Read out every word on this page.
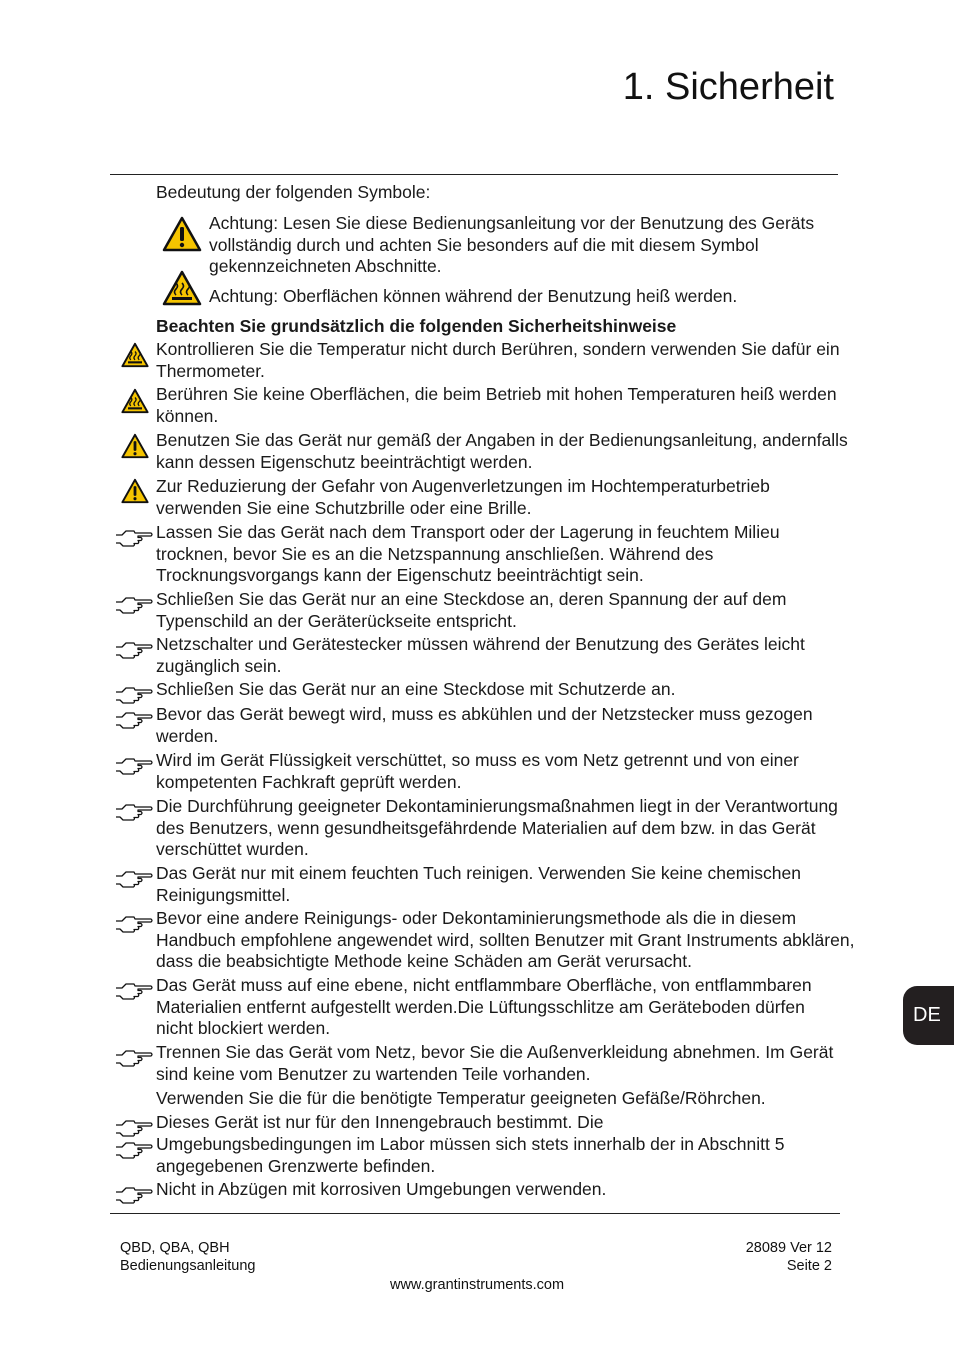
1. Sicherheit
Bedeutung der folgenden Symbole:
Achtung: Lesen Sie diese Bedienungsanleitung vor der Benutzung des Geräts vollständig durch und achten Sie besonders auf die mit diesem Symbol gekennzeichneten Abschnitte.
Achtung: Oberflächen können während der Benutzung heiß werden.
Beachten Sie grundsätzlich die folgenden Sicherheitshinweise
Kontrollieren Sie die Temperatur nicht durch Berühren, sondern verwenden Sie dafür ein Thermometer.
Berühren Sie keine Oberflächen, die beim Betrieb mit hohen Temperaturen heiß werden können.
Benutzen Sie das Gerät nur gemäß der Angaben in der Bedienungsanleitung, andernfalls kann dessen Eigenschutz beeinträchtigt werden.
Zur Reduzierung der Gefahr von Augenverletzungen im Hochtemperaturbetrieb verwenden Sie eine Schutzbrille oder eine Brille.
Lassen Sie das Gerät nach dem Transport oder der Lagerung in feuchtem Milieu trocknen, bevor Sie es an die Netzspannung anschließen. Während des Trocknungsvorgangs kann der Eigenschutz beeinträchtigt sein.
Schließen Sie das Gerät nur an eine Steckdose an, deren Spannung der auf dem Typenschild an der Geräterückseite entspricht.
Netzschalter und Gerätestecker müssen während der Benutzung des Gerätes leicht zugänglich sein.
Schließen Sie das Gerät nur an eine Steckdose mit Schutzerde an.
Bevor das Gerät bewegt wird, muss es abkühlen und der Netzstecker muss gezogen werden.
Wird im Gerät Flüssigkeit verschüttet, so muss es vom Netz getrennt und von einer kompetenten Fachkraft geprüft werden.
Die Durchführung geeigneter Dekontaminierungsmaßnahmen liegt in der Verantwortung des Benutzers, wenn gesundheitsgefährdende Materialien auf dem bzw. in das Gerät verschüttet wurden.
Das Gerät nur mit einem feuchten Tuch reinigen. Verwenden Sie keine chemischen Reinigungsmittel.
Bevor eine andere Reinigungs- oder Dekontaminierungsmethode als die in diesem Handbuch empfohlene angewendet wird, sollten Benutzer mit Grant Instruments abklären, dass die beabsichtigte Methode keine Schäden am Gerät verursacht.
Das Gerät muss auf eine ebene, nicht entflammbare Oberfläche, von entflammbaren Materialien entfernt aufgestellt werden.Die Lüftungsschlitze am Geräteboden dürfen nicht blockiert werden.
Trennen Sie das Gerät vom Netz, bevor Sie die Außenverkleidung abnehmen. Im Gerät sind keine vom Benutzer zu wartenden Teile vorhanden.
Verwenden Sie die für die benötigte Temperatur geeigneten Gefäße/Röhrchen.
Dieses Gerät ist nur für den Innengebrauch bestimmt. Die
Umgebungsbedingungen im Labor müssen sich stets innerhalb der in Abschnitt 5 angegebenen Grenzwerte befinden.
Nicht in Abzügen mit korrosiven Umgebungen verwenden.
DE
QBD, QBA, QBH
Bedienungsanleitung
28089 Ver 12
Seite 2
www.grantinstruments.com
